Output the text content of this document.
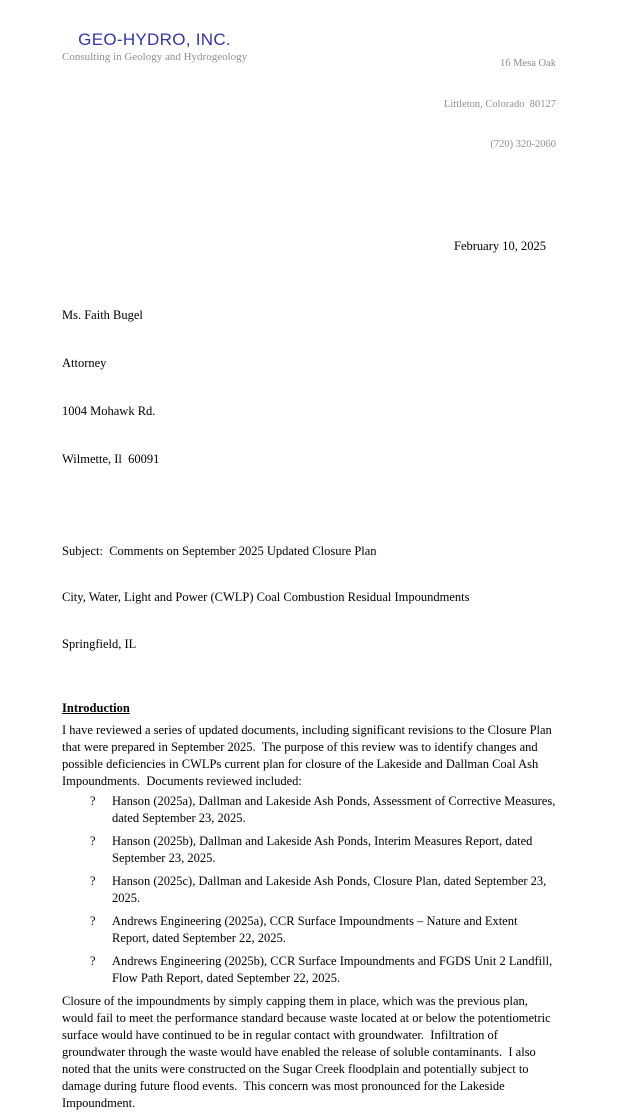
GEO-HYDRO, INC.
Consulting in Geology and Hydrogeology

16 Mesa Oak

Littleton, Colorado  80127

(720) 320-2060

February 10, 2025

Ms. Faith Bugel

Attorney

1004 Mohawk Rd.

Wilmette, Il  60091

Subject:  Comments on September 2025 Updated Closure Plan

City, Water, Light and Power (CWLP) Coal Combustion Residual Impoundments

Springfield, IL

Introduction

I have reviewed a series of updated documents, including significant revisions to the Closure Plan that were prepared in September 2025.  The purpose of this review was to identify changes and possible deficiencies in CWLPs current plan for closure of the Lakeside and Dallman Coal Ash Impoundments.  Documents reviewed included:

?	Hanson (2025a), Dallman and Lakeside Ash Ponds, Assessment of Corrective Measures, dated September 23, 2025.
?	Hanson (2025b), Dallman and Lakeside Ash Ponds, Interim Measures Report, dated September 23, 2025.
?	Hanson (2025c), Dallman and Lakeside Ash Ponds, Closure Plan, dated September 23, 2025.
?	Andrews Engineering (2025a), CCR Surface Impoundments – Nature and Extent Report, dated September 22, 2025.
?	Andrews Engineering (2025b), CCR Surface Impoundments and FGDS Unit 2 Landfill, Flow Path Report, dated September 22, 2025.

Closure of the impoundments by simply capping them in place, which was the previous plan, would fail to meet the performance standard because waste located at or below the potentiometric surface would have continued to be in regular contact with groundwater.  Infiltration of groundwater through the waste would have enabled the release of soluble contaminants.  I also noted that the units were constructed on the Sugar Creek floodplain and potentially subject to damage during future flood events.  This concern was most pronounced for the Lakeside Impoundment.
